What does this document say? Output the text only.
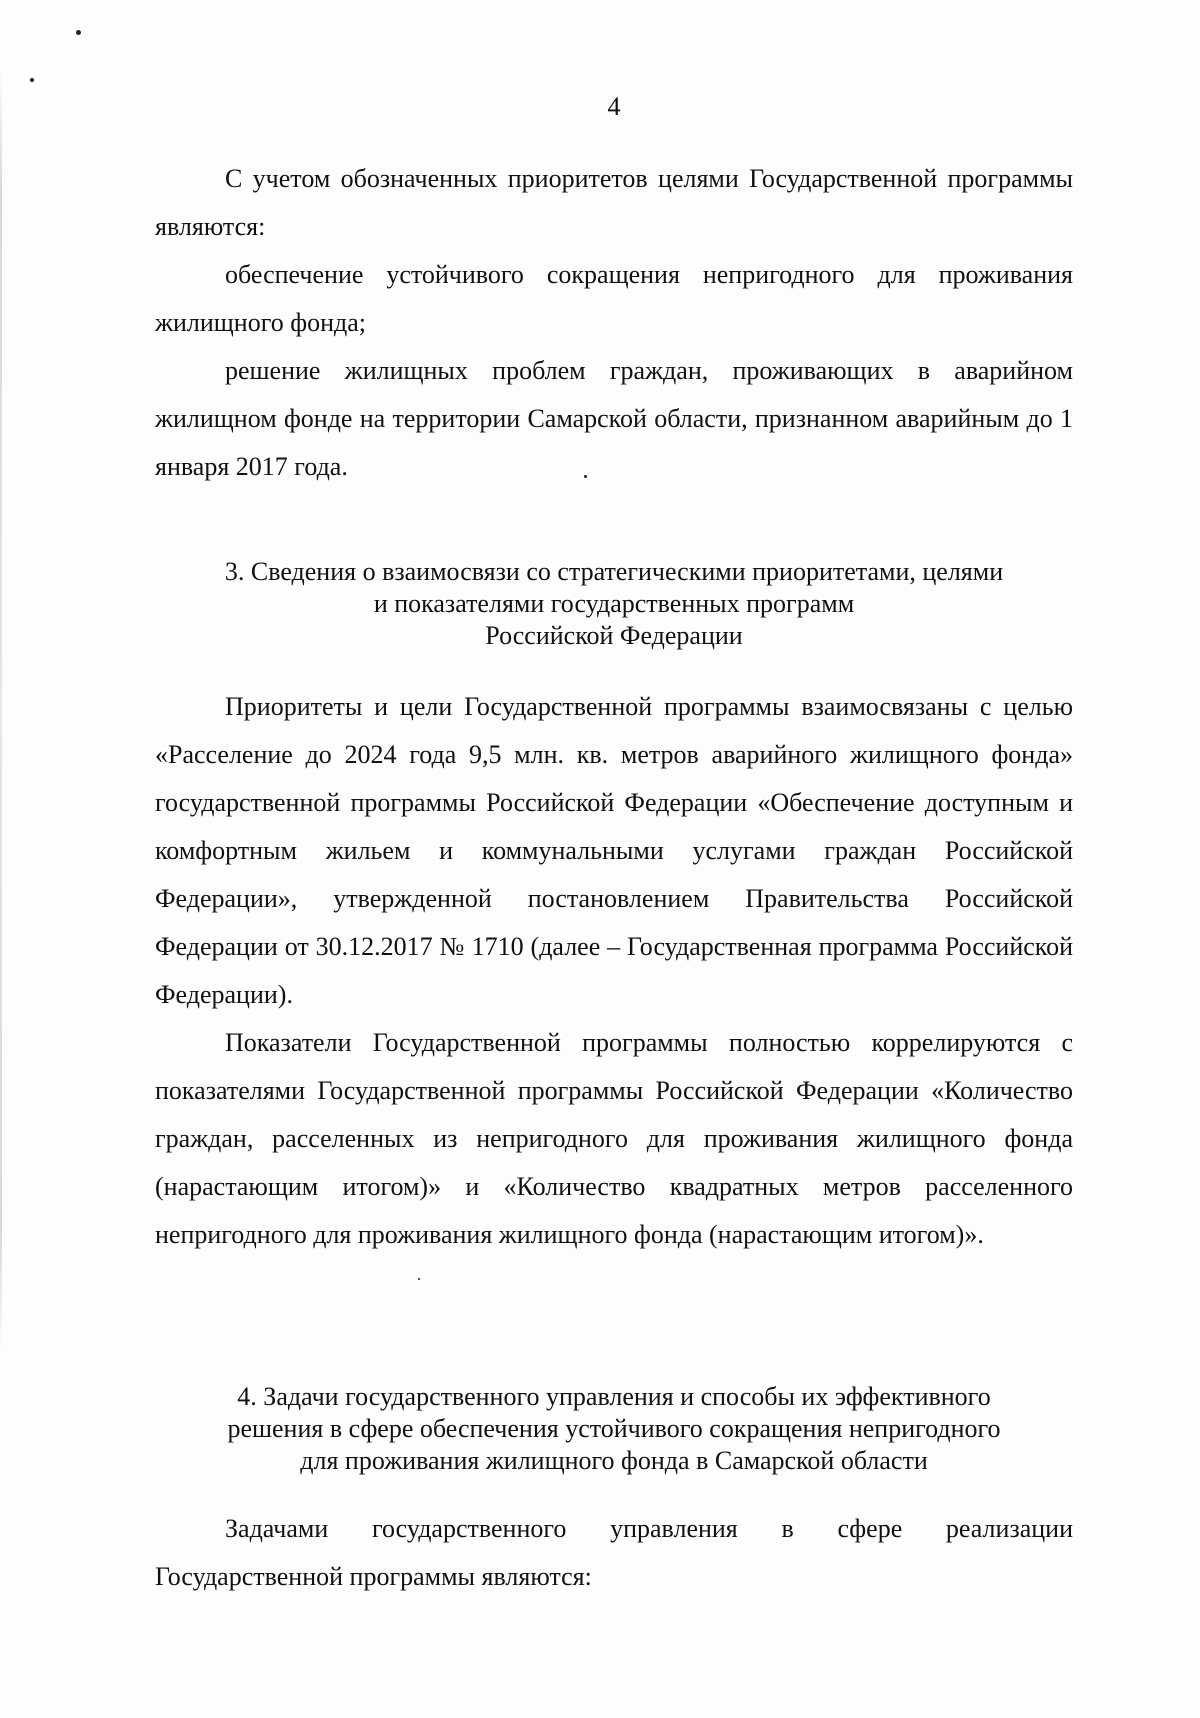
4

С учетом обозначенных приоритетов целями Государственной программы являются:

обеспечение устойчивого сокращения непригодного для проживания жилищного фонда;

решение жилищных проблем граждан, проживающих в аварийном жилищном фонде на территории Самарской области, признанном аварийным до 1 января 2017 года.

3. Сведения о взаимосвязи со стратегическими приоритетами, целями
и показателями государственных программ
Российской Федерации

Приоритеты и цели Государственной программы взаимосвязаны с целью «Расселение до 2024 года 9,5 млн. кв. метров аварийного жилищного фонда» государственной программы Российской Федерации «Обеспечение доступным и комфортным жильем и коммунальными услугами граждан Российской Федерации», утвержденной постановлением Правительства Российской Федерации от 30.12.2017 № 1710 (далее – Государственная программа Российской Федерации).

Показатели Государственной программы полностью коррелируются с показателями Государственной программы Российской Федерации «Количество граждан, расселенных из непригодного для проживания жилищного фонда (нарастающим итогом)» и «Количество квадратных метров расселенного непригодного для проживания жилищного фонда (нарастающим итогом)».

4. Задачи государственного управления и способы их эффективного
решения в сфере обеспечения устойчивого сокращения непригодного
для проживания жилищного фонда в Самарской области

Задачами государственного управления в сфере реализации Государственной программы являются:
